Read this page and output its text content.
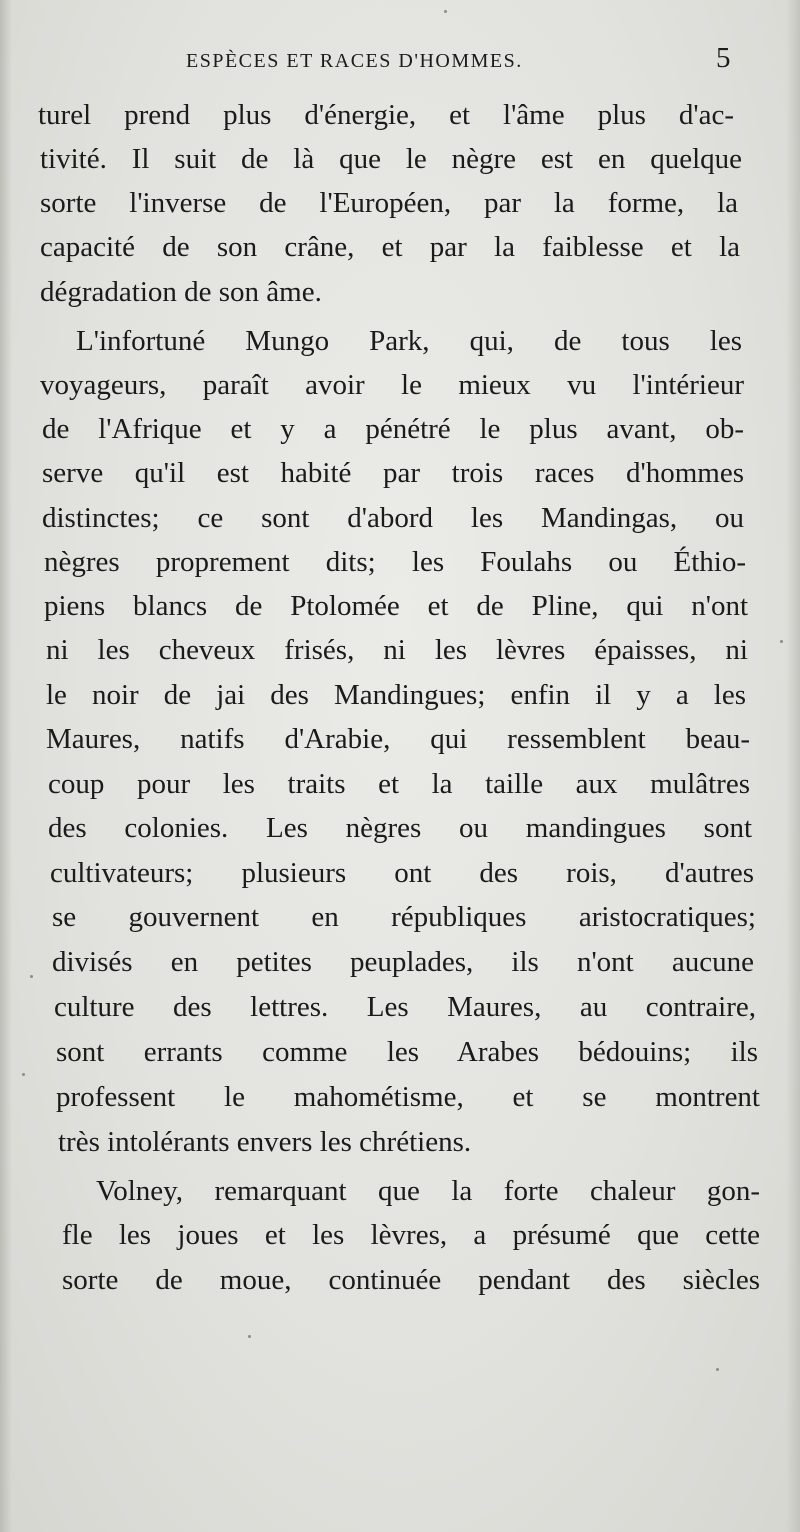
ESPÈCES ET RACES D'HOMMES.	5

turel prend plus d'énergie, et l'âme plus d'ac-

tivité. Il suit de là que le nègre est en quelque

sorte l'inverse de l'Européen, par la forme, la

capacité de son crâne, et par la faiblesse et la

dégradation de son âme.

L'infortuné Mungo Park, qui, de tous les

voyageurs, paraît avoir le mieux vu l'intérieur

de l'Afrique et y a pénétré le plus avant, ob-

serve qu'il est habité par trois races d'hommes

distinctes; ce sont d'abord les Mandingas, ou

nègres proprement dits; les Foulahs ou Éthio-

piens blancs de Ptolomée et de Pline, qui n'ont

ni les cheveux frisés, ni les lèvres épaisses, ni

le noir de jai des Mandingues; enfin il y a les

Maures, natifs d'Arabie, qui ressemblent beau-

coup pour les traits et la taille aux mulâtres

des colonies. Les nègres ou mandingues sont

cultivateurs; plusieurs ont des rois, d'autres

se gouvernent en républiques aristocratiques;

divisés en petites peuplades, ils n'ont aucune

culture des lettres. Les Maures, au contraire,

sont errants comme les Arabes bédouins; ils

professent le mahométisme, et se montrent

très intolérants envers les chrétiens.

Volney, remarquant que la forte chaleur gon-

fle les joues et les lèvres, a présumé que cette

sorte de moue, continuée pendant des siècles
